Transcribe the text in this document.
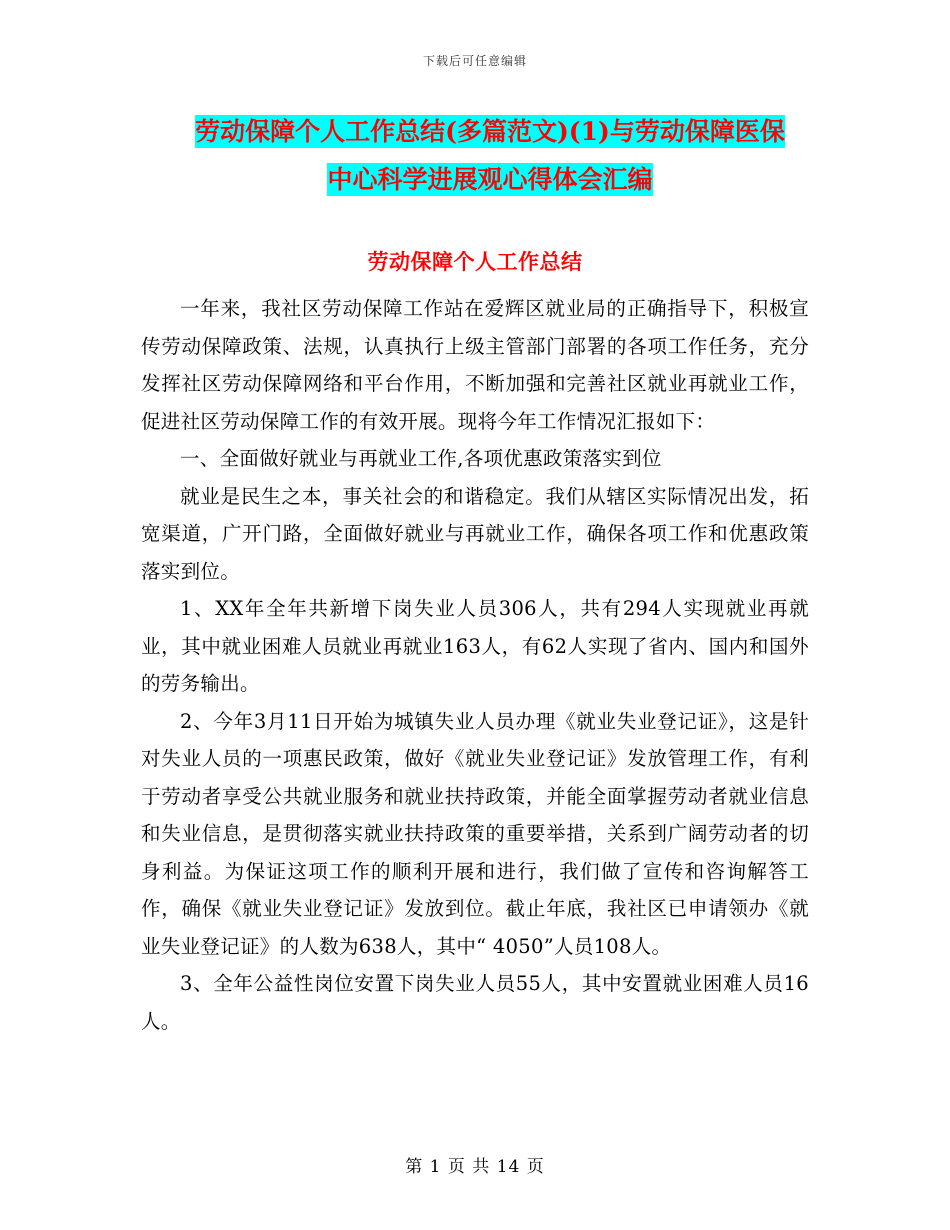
下载后可任意编辑
劳动保障个人工作总结(多篇范文)(1)与劳动保障医保
中心科学进展观心得体会汇编
劳动保障个人工作总结

一年来，我社区劳动保障工作站在爱辉区就业局的正确指导下，积极宣传劳动保障政策、法规，认真执行上级主管部门部署的各项工作任务，充分发挥社区劳动保障网络和平台作用，不断加强和完善社区就业再就业工作，促进社区劳动保障工作的有效开展。现将今年工作情况汇报如下：

一、全面做好就业与再就业工作,各项优惠政策落实到位

就业是民生之本，事关社会的和谐稳定。我们从辖区实际情况出发，拓宽渠道，广开门路，全面做好就业与再就业工作，确保各项工作和优惠政策落实到位。

1、XX年全年共新增下岗失业人员306人，共有294人实现就业再就业，其中就业困难人员就业再就业163人，有62人实现了省内、国内和国外的劳务输出。

2、今年3月11日开始为城镇失业人员办理《就业失业登记证》，这是针对失业人员的一项惠民政策，做好《就业失业登记证》发放管理工作，有利于劳动者享受公共就业服务和就业扶持政策，并能全面掌握劳动者就业信息和失业信息，是贯彻落实就业扶持政策的重要举措，关系到广阔劳动者的切身利益。为保证这项工作的顺利开展和进行，我们做了宣传和咨询解答工作，确保《就业失业登记证》发放到位。截止年底，我社区已申请领办《就业失业登记证》的人数为638人，其中“ 4050”人员108人。

3、全年公益性岗位安置下岗失业人员55人，其中安置就业困难人员16人。

第 1 页 共 14 页
